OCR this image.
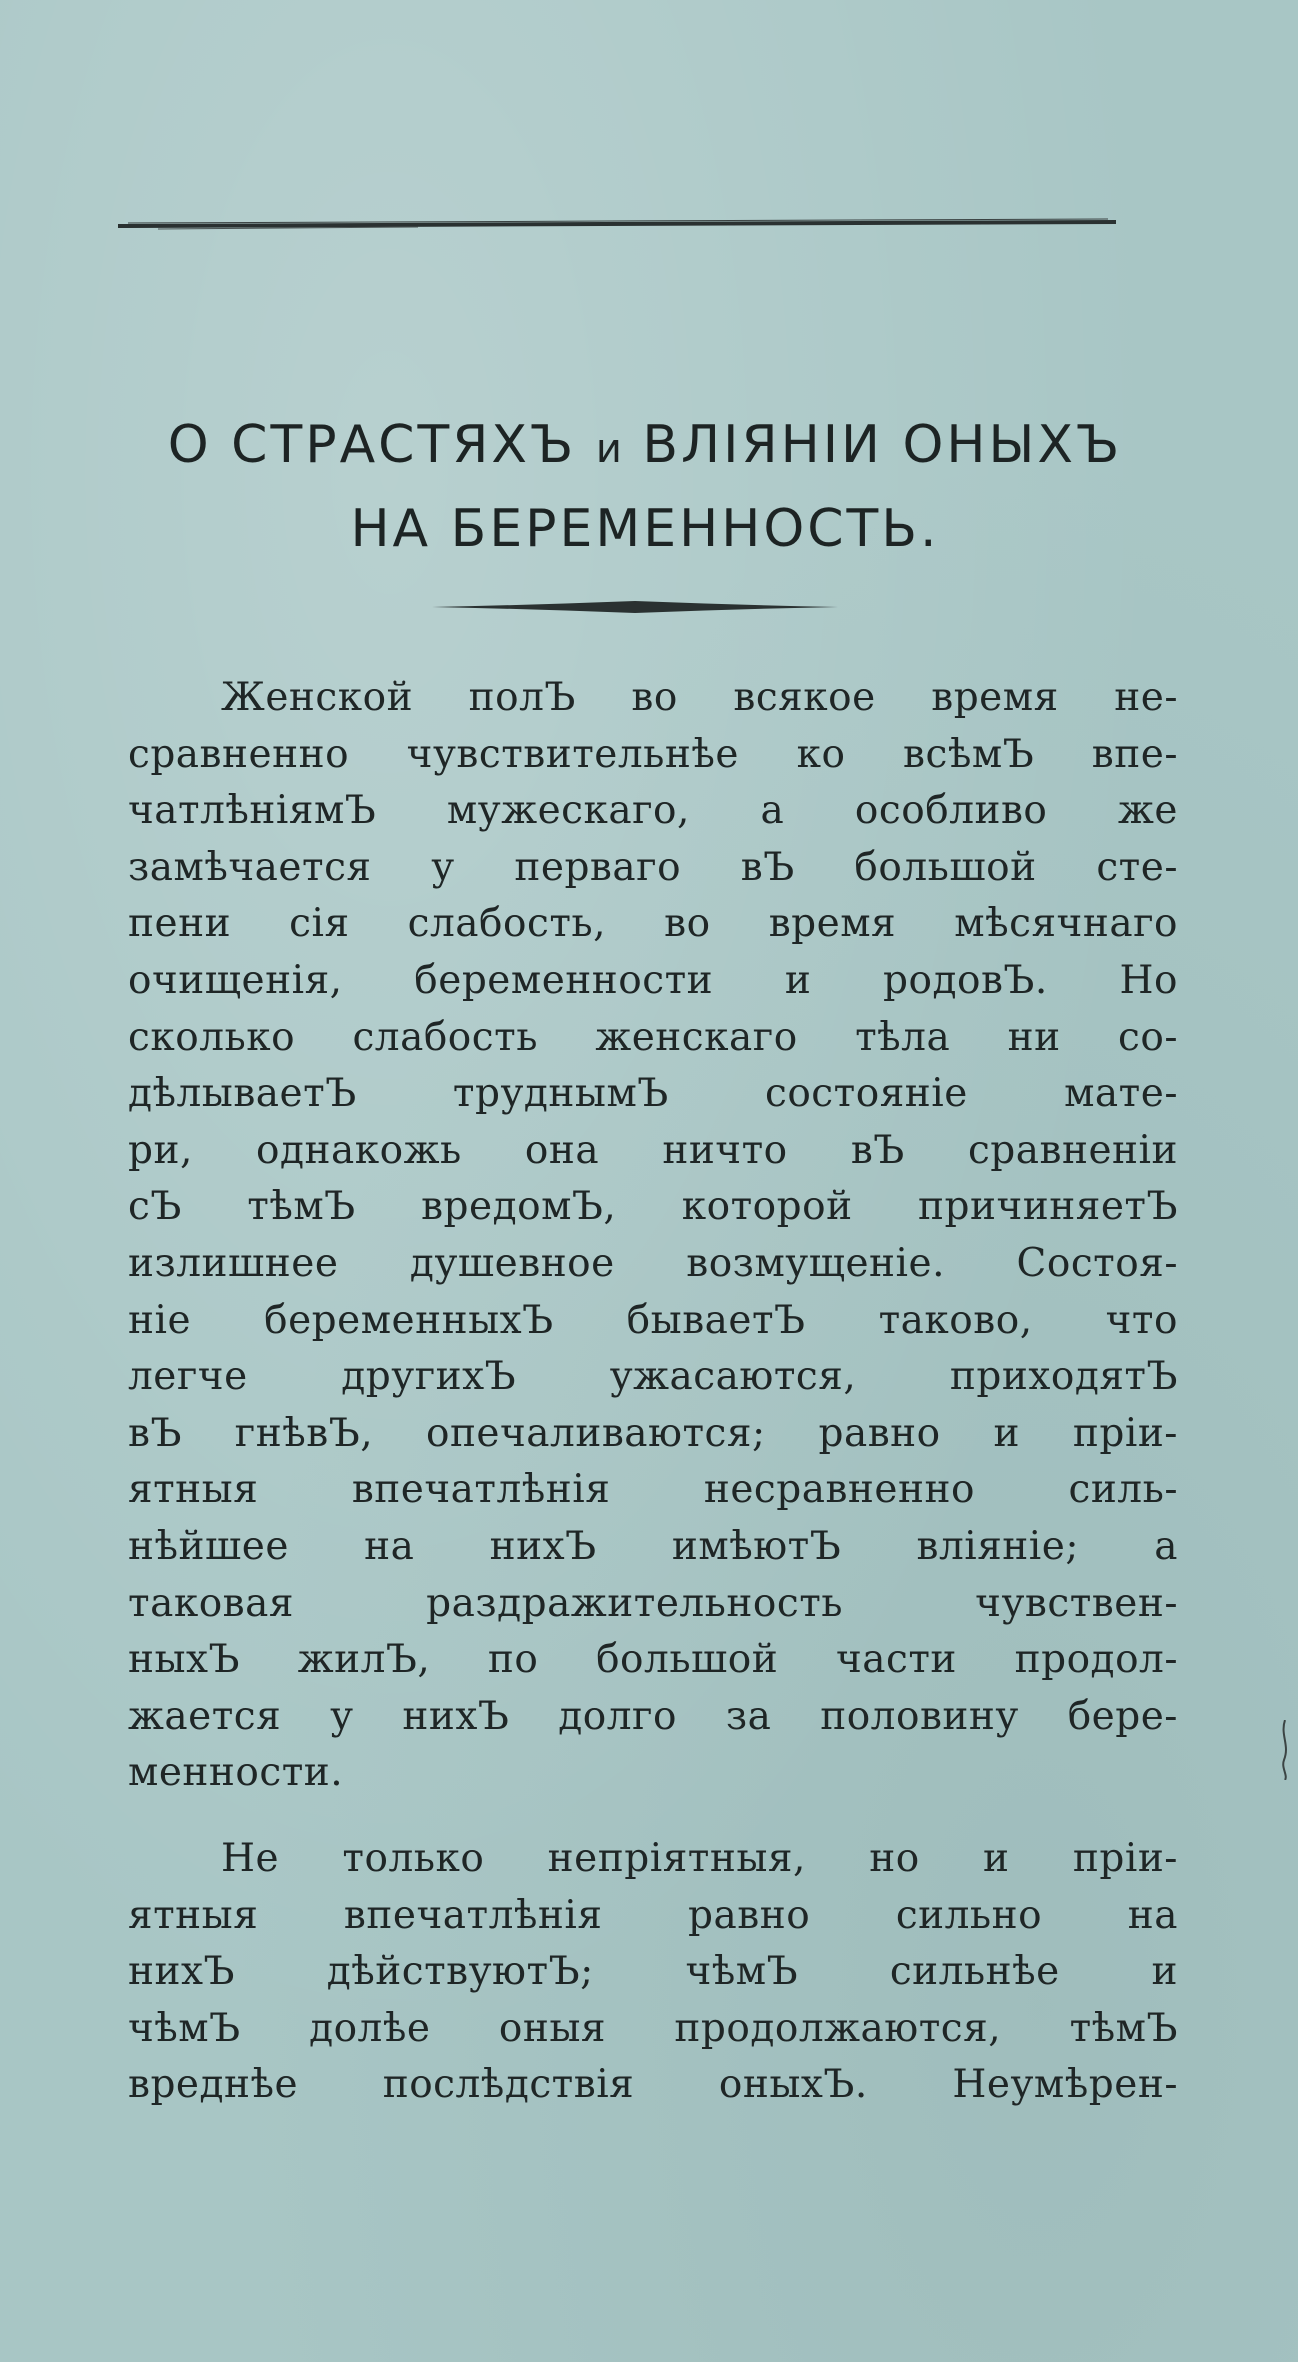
О СТРАСТЯХЪ и ВЛІЯНІИ ОНЫХЪ
НА БЕРЕМЕННОСТЬ.
Женской полЪ во всякое время не-
сравненно чувствительнѣе ко всѣмЪ впе-
чатлѣніямЪ мужескаго, а особливо же
замѣчается у перваго вЪ большой сте-
пени сія слабость, во время мѣсячнаго
очищенія, беременности и родовЪ. Но
сколько слабость женскаго тѣла ни со-
дѣлываетЪ труднымЪ состояніе мате-
ри, однакожь она ничто вЪ сравненіи
сЪ тѣмЪ вредомЪ, которой причиняетЪ
излишнее душевное возмущеніе. Состоя-
ніе беременныхЪ бываетЪ таково, что
легче другихЪ ужасаются, приходятЪ
вЪ гнѣвЪ, опечаливаются; равно и пріи-
ятныя впечатлѣнія несравненно силь-
нѣйшее на нихЪ имѣютЪ вліяніе; а
таковая раздражительность чувствен-
ныхЪ жилЪ, по большой части продол-
жается у нихЪ долго за половину бере-
менности.
Не только непріятныя, но и пріи-
ятныя впечатлѣнія равно сильно на
нихЪ дѣйствуютЪ; чѣмЪ сильнѣе и
чѣмЪ долѣе оныя продолжаются, тѣмЪ
вреднѣе послѣдствія оныхЪ. Неумѣрен-
